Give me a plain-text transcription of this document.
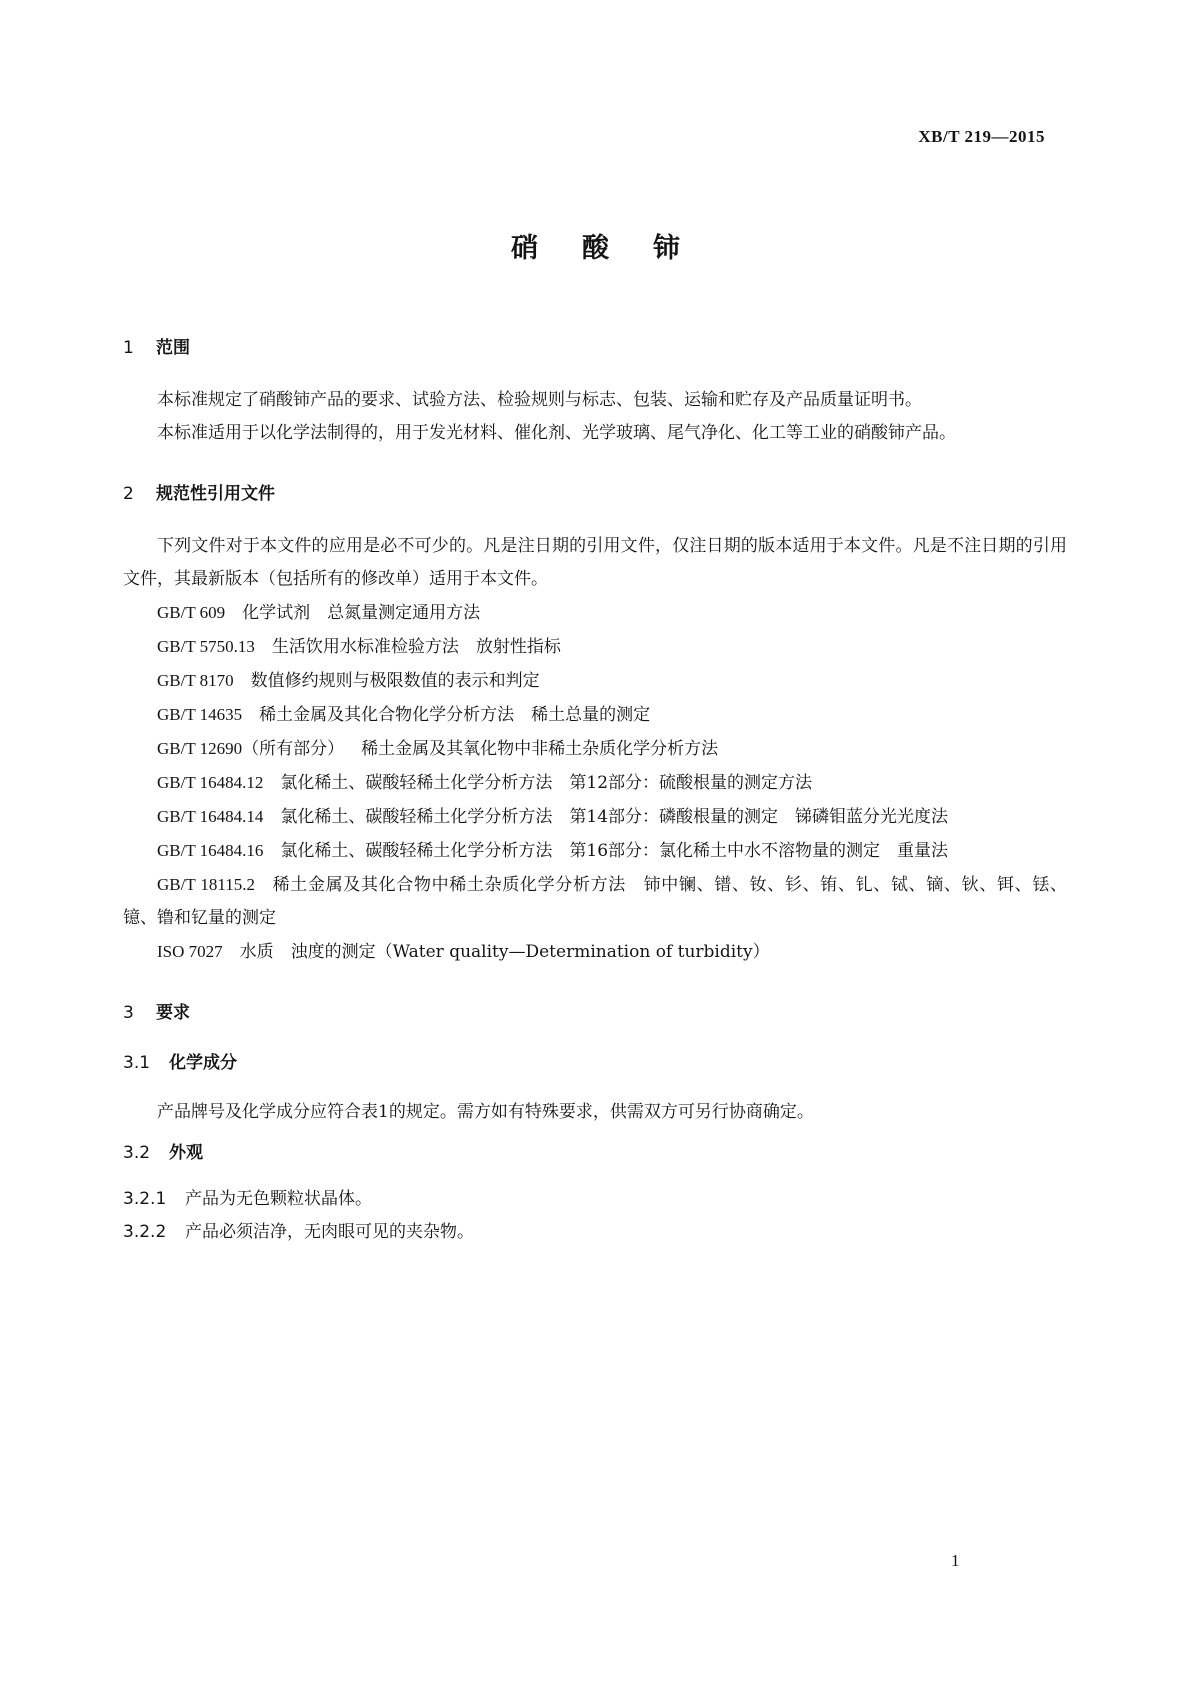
XB/T 219—2015
硝酸铈
1 范围

本标准规定了硝酸铈产品的要求、试验方法、检验规则与标志、包装、运输和贮存及产品质量证明书。

本标准适用于以化学法制得的，用于发光材料、催化剂、光学玻璃、尾气净化、化工等工业的硝酸铈产品。

2 规范性引用文件

下列文件对于本文件的应用是必不可少的。凡是注日期的引用文件，仅注日期的版本适用于本文件。凡是不注日期的引用文件，其最新版本（包括所有的修改单）适用于本文件。

GB/T 609 化学试剂　总氮量测定通用方法

GB/T 5750.13 生活饮用水标准检验方法　放射性指标

GB/T 8170 数值修约规则与极限数值的表示和判定

GB/T 14635 稀土金属及其化合物化学分析方法　稀土总量的测定

GB/T 12690（所有部分） 稀土金属及其氧化物中非稀土杂质化学分析方法

GB/T 16484.12 氯化稀土、碳酸轻稀土化学分析方法　第12部分：硫酸根量的测定方法

GB/T 16484.14 氯化稀土、碳酸轻稀土化学分析方法　第14部分：磷酸根量的测定　锑磷钼蓝分光光度法

GB/T 16484.16 氯化稀土、碳酸轻稀土化学分析方法　第16部分：氯化稀土中水不溶物量的测定　重量法

GB/T 18115.2 稀土金属及其化合物中稀土杂质化学分析方法　铈中镧、镨、钕、钐、铕、钆、铽、镝、钬、铒、铥、镱、镥和钇量的测定

ISO 7027 水质　浊度的测定（Water quality—Determination of turbidity）

3 要求
3.1 化学成分

产品牌号及化学成分应符合表1的规定。需方如有特殊要求，供需双方可另行协商确定。

3.2 外观

3.2.1 产品为无色颗粒状晶体。

3.2.2 产品必须洁净，无肉眼可见的夹杂物。

1
